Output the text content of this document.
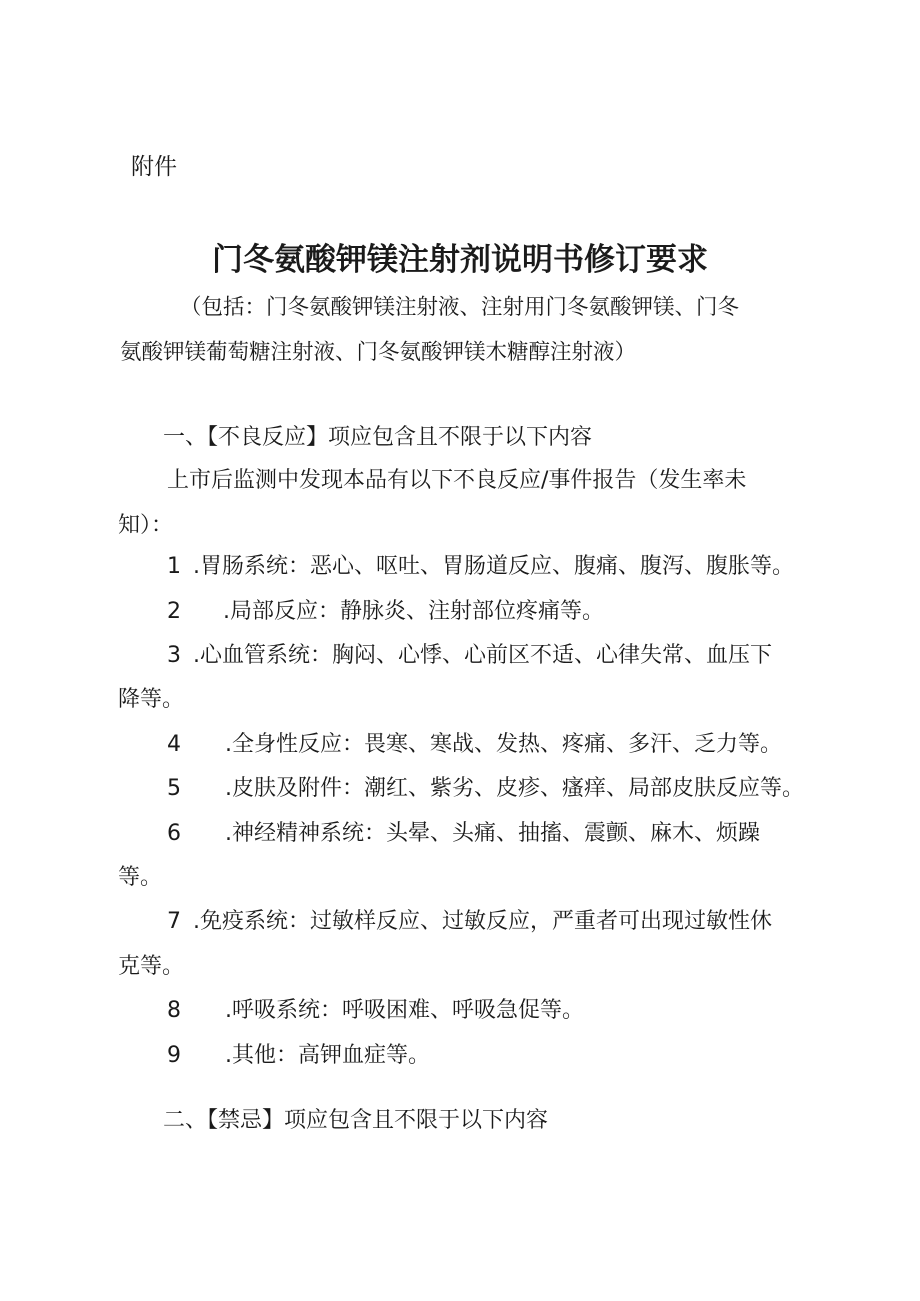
附件

门冬氨酸钾镁注射剂说明书修订要求

（包括：门冬氨酸钾镁注射液、注射用门冬氨酸钾镁、门冬

氨酸钾镁葡萄糖注射液、门冬氨酸钾镁木糖醇注射液）

一、【不良反应】项应包含且不限于以下内容

上市后监测中发现本品有以下不良反应/事件报告（发生率未

知）：

1 .胃肠系统：恶心、呕吐、胃肠道反应、腹痛、腹泻、腹胀等。

2 .局部反应：静脉炎、注射部位疼痛等。

3 .心血管系统：胸闷、心悸、心前区不适、心律失常、血压下

降等。

4 .全身性反应：畏寒、寒战、发热、疼痛、多汗、乏力等。

5 .皮肤及附件：潮红、紫劣、皮疹、瘙痒、局部皮肤反应等。

6 .神经精神系统：头晕、头痛、抽搐、震颤、麻木、烦躁

等。

7 .免疫系统：过敏样反应、过敏反应，严重者可出现过敏性休

克等。

8 .呼吸系统：呼吸困难、呼吸急促等。

9 .其他：高钾血症等。

二、【禁忌】项应包含且不限于以下内容
